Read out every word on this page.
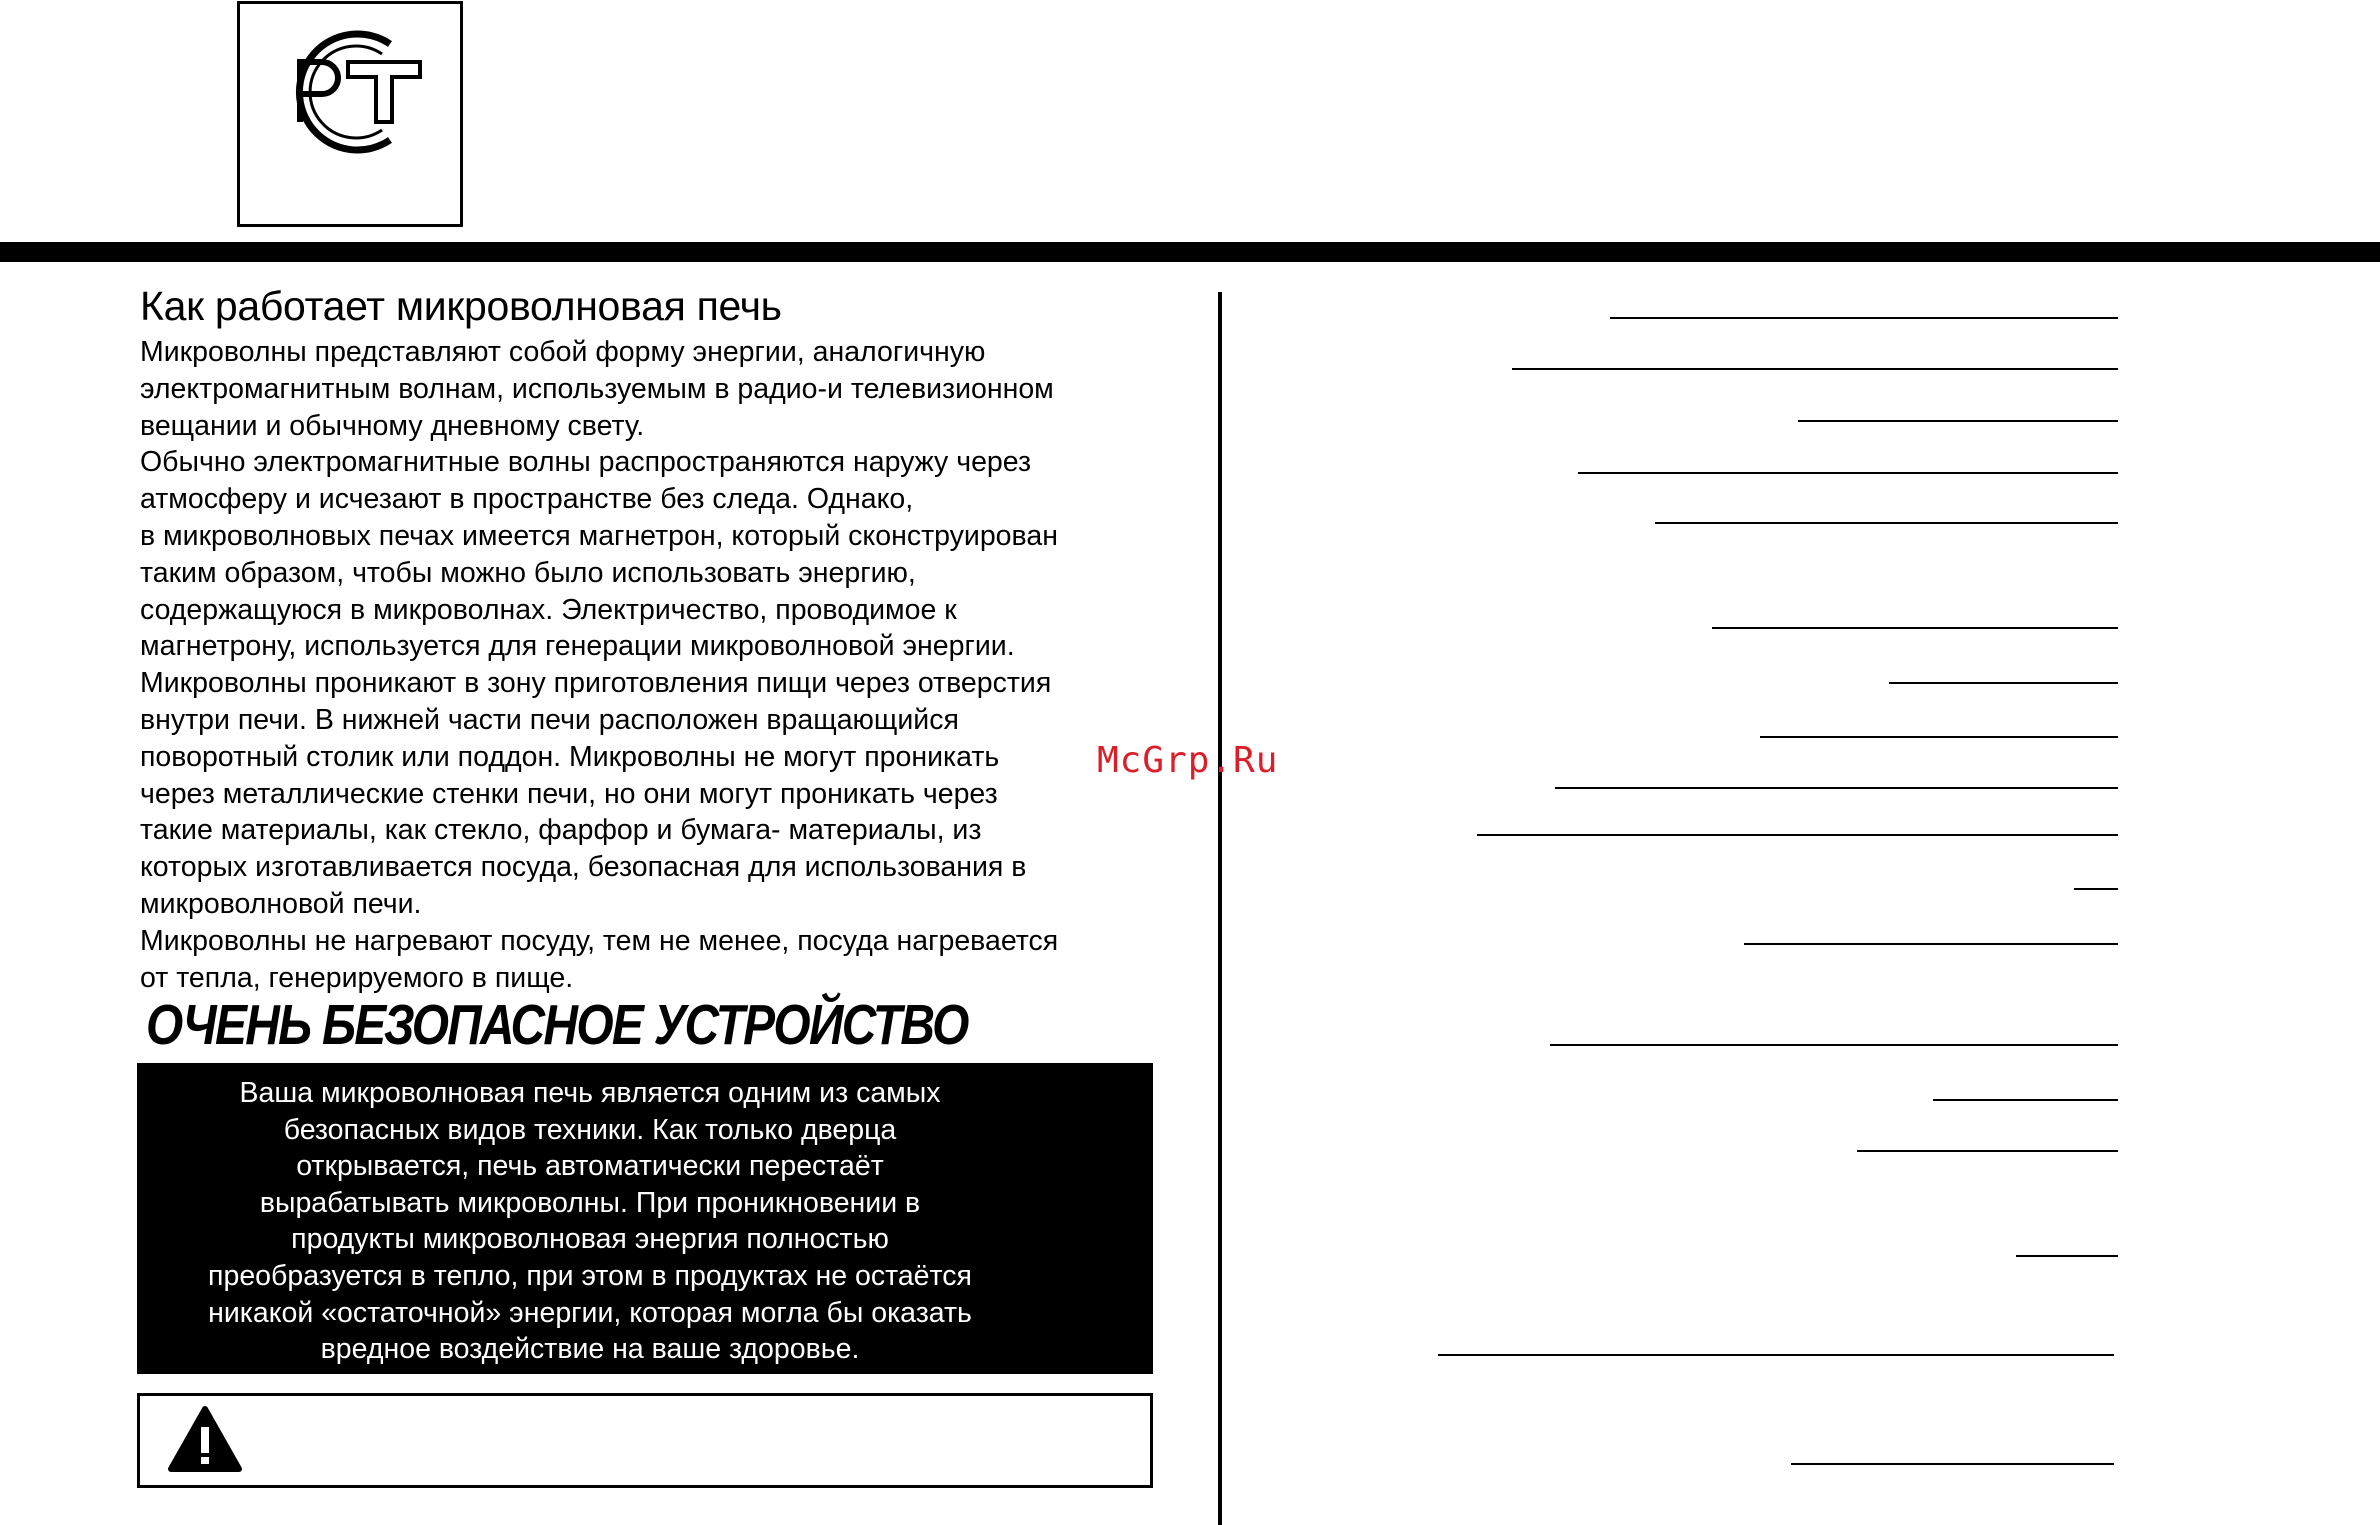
Как работает микроволновая печь

Микроволны представляют собой форму энергии, аналогичную
электромагнитным волнам, используемым в радио-и телевизионном
вещании и обычному дневному свету.

Обычно электромагнитные волны распространяются наружу через
атмосферу и исчезают в пространстве без следа. Однако,
в микроволновых печах имеется магнетрон, который сконструирован
таким образом, чтобы можно было использовать энергию,
содержащуюся в микроволнах. Электричество, проводимое к
магнетрону, используется для генерации микроволновой энергии.

Микроволны проникают в зону приготовления пищи через отверстия
внутри печи. В нижней части печи расположен вращающийся
поворотный столик или поддон. Микроволны не могут проникать
через металлические стенки печи, но они могут проникать через
такие материалы, как стекло, фарфор и бумага- материалы, из
которых изготавливается посуда, безопасная для использования в
микроволновой печи.

Микроволны не нагревают посуду, тем не менее, посуда нагревается
от тепла, генерируемого в пище.

ОЧЕНЬ БЕЗОПАСНОЕ УСТРОЙСТВО
Ваша микроволновая печь является одним из самых
безопасных видов техники. Как только дверца
открывается, печь автоматически перестаёт
вырабатывать микроволны. При проникновении в
продукты микроволновая энергия полностью
преобразуется в тепло, при этом в продуктах не остаётся
никакой «остаточной» энергии, которая могла бы оказать
вредное воздействие на ваше здоровье.
McGrp.Ru
